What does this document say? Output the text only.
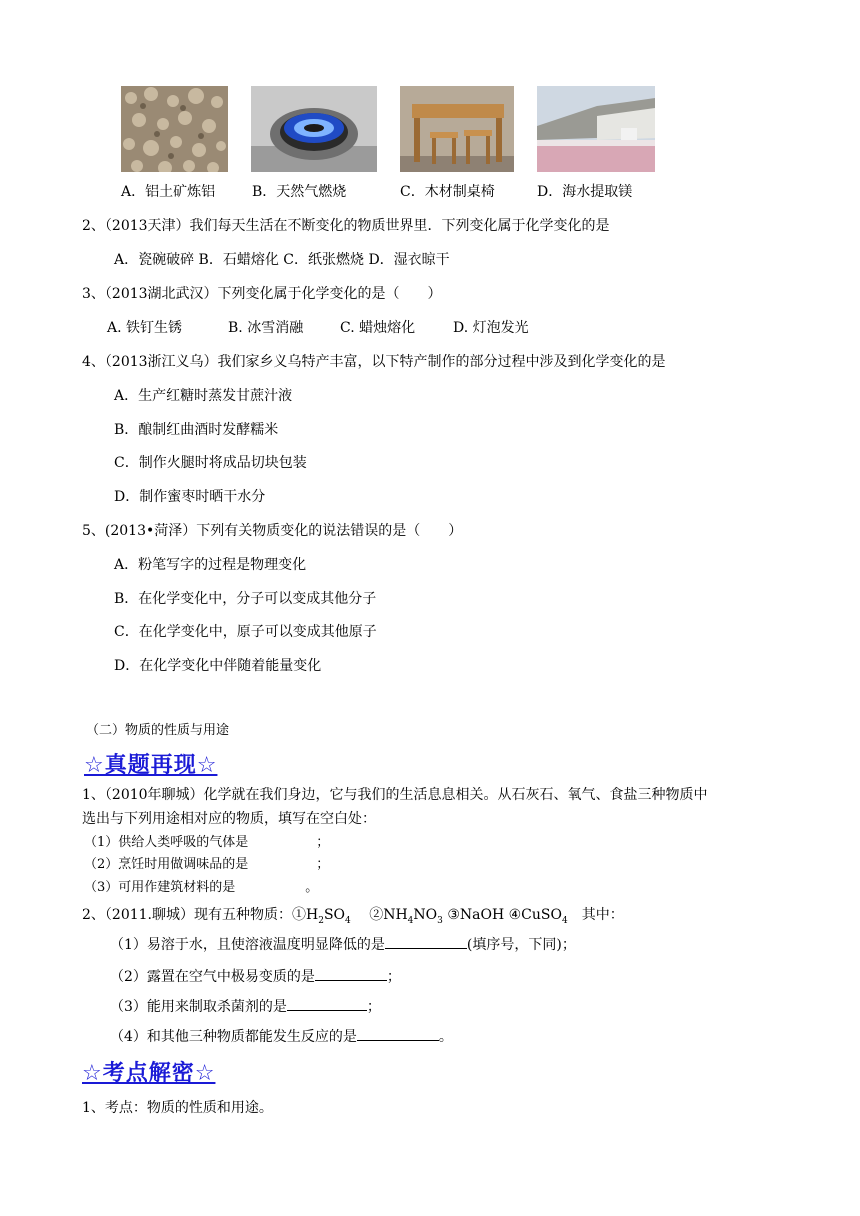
A．铝土矿炼铝	B．天然气燃烧	C．木材制桌椅	D．海水提取镁
2、（2013天津）我们每天生活在不断变化的物质世界里．下列变化属于化学变化的是
A．瓷碗破碎 B．石蜡熔化 C．纸张燃烧 D．湿衣晾干
3、（2013湖北武汉）下列变化属于化学变化的是（　　）
A. 铁钉生锈	B. 冰雪消融	C. 蜡烛熔化	D. 灯泡发光
4、（2013浙江义乌）我们家乡义乌特产丰富，以下特产制作的部分过程中涉及到化学变化的是
A．生产红糖时蒸发甘蔗汁液
B．酿制红曲酒时发酵糯米
C．制作火腿时将成品切块包装
D．制作蜜枣时晒干水分
5、(2013•菏泽）下列有关物质变化的说法错误的是（　　）
A．粉笔写字的过程是物理变化
B．在化学变化中，分子可以变成其他分子
C．在化学变化中，原子可以变成其他原子
D．在化学变化中伴随着能量变化
（二）物质的性质与用途
☆真题再现☆
1、（2010年聊城）化学就在我们身边，它与我们的生活息息相关。从石灰石、氧气、食盐三种物质中
选出与下列用途相对应的物质，填写在空白处：
（1）供给人类呼吸的气体是	；
（2）烹饪时用做调味品的是	；
（3）可用作建筑材料的是	。
2、（2011.聊城）现有五种物质：$①H_2SO_4$　 $②NH_4NO_3$ ③NaOH ④CuSO$_4$　其中：
（1）易溶于水，且使溶液温度明显降低的是	(填序号，下同)；
（2）露置在空气中极易变质的是	；
（3）能用来制取杀菌剂的是	；
（4）和其他三种物质都能发生反应的是	。
☆考点解密☆
1、考点：物质的性质和用途。
